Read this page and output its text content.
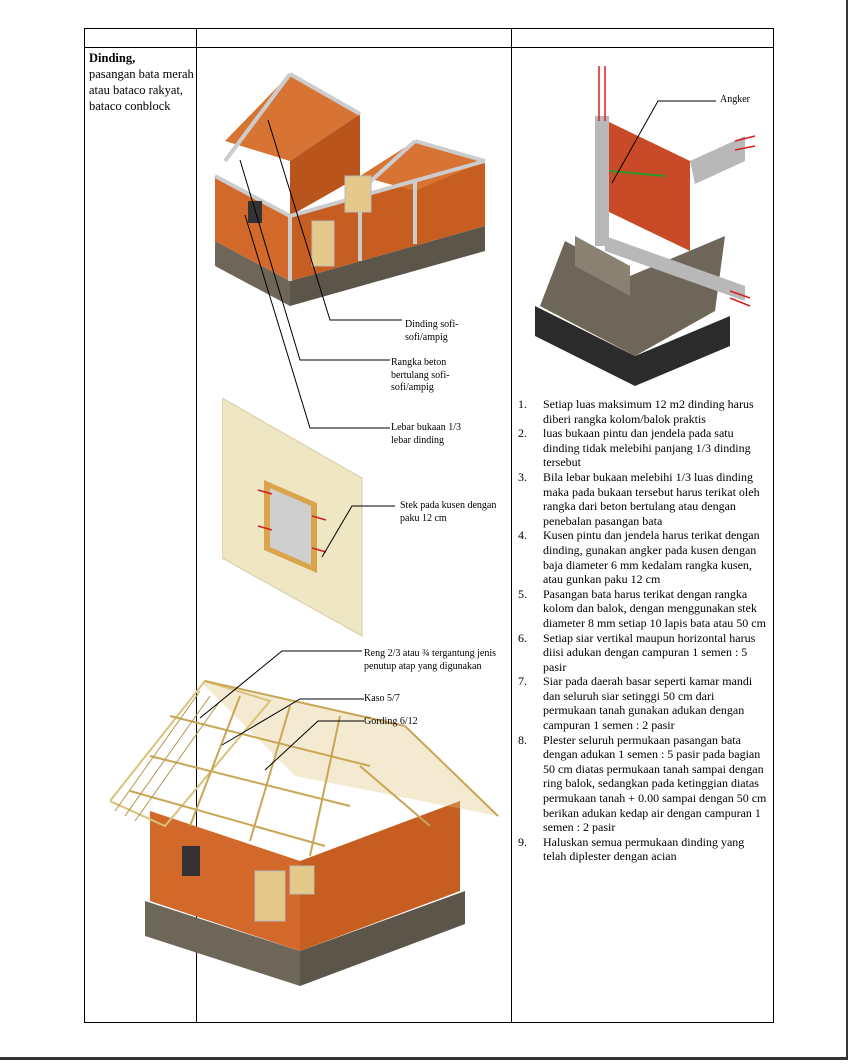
Dinding,
pasangan bata merah atau bataco rakyat, bataco conblock
Dinding sofi-sofi/ampig
Rangka beton bertulang sofi-sofi/ampig
Lebar bukaan 1/3 lebar dinding
Stek pada kusen dengan paku 12 cm
Reng 2/3 atau ¾ tergantung jenis penutup atap yang digunakan
Kaso 5/7
Gording 6/12
Angker
1. Setiap luas maksimum 12 m2 dinding harus diberi rangka kolom/balok praktis
2. luas bukaan pintu dan jendela pada satu dinding tidak melebihi panjang 1/3 dinding tersebut
3. Bila lebar bukaan melebihi 1/3 luas dinding maka pada bukaan tersebut harus terikat oleh rangka dari beton bertulang atau dengan penebalan pasangan bata
4. Kusen pintu dan jendela harus terikat dengan dinding, gunakan angker pada kusen dengan baja diameter 6 mm kedalam rangka kusen, atau gunkan paku 12 cm
5. Pasangan bata harus terikat dengan rangka kolom dan balok, dengan menggunakan stek diameter 8 mm setiap 10 lapis bata atau 50 cm
6. Setiap siar vertikal maupun horizontal harus diisi adukan dengan campuran 1 semen : 5 pasir
7. Siar pada daerah basar seperti kamar mandi dan seluruh siar setinggi 50 cm dari permukaan tanah gunakan adukan dengan campuran 1 semen : 2 pasir
8. Plester seluruh permukaan pasangan bata dengan adukan 1 semen : 5 pasir pada bagian 50 cm diatas permukaan tanah sampai dengan ring balok, sedangkan pada ketinggian diatas permukaan tanah + 0.00 sampai dengan 50 cm berikan adukan kedap air dengan campuran 1 semen : 2 pasir
9. Haluskan semua permukaan dinding yang telah diplester dengan acian
